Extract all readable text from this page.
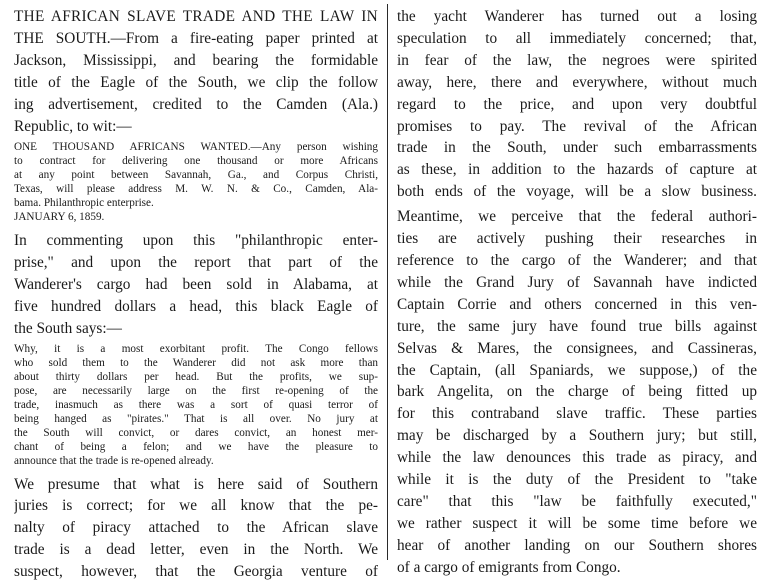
THE AFRICAN SLAVE TRADE AND THE LAW IN
THE SOUTH.—From a fire-eating paper printed at
Jackson, Mississippi, and bearing the formidable
title of the Eagle of the South, we clip the follow
ing advertisement, credited to the Camden (Ala.)
Republic, to wit:—
ONE THOUSAND AFRICANS WANTED.—Any person wishing
to contract for delivering one thousand or more Africans
at any point between Savannah, Ga., and Corpus Christi,
Texas, will please address M. W. N. & Co., Camden, Ala-
bama. Philanthropic enterprise.
JANUARY 6, 1859.
In commenting upon this "philanthropic enter-
prise," and upon the report that part of the
Wanderer's cargo had been sold in Alabama, at
five hundred dollars a head, this black Eagle of
the South says:—
Why, it is a most exorbitant profit. The Congo fellows
who sold them to the Wanderer did not ask more than
about thirty dollars per head. But the profits, we sup-
pose, are necessarily large on the first re-opening of the
trade, inasmuch as there was a sort of quasi terror of
being hanged as "pirates." That is all over. No jury at
the South will convict, or dares convict, an honest mer-
chant of being a felon; and we have the pleasure to
announce that the trade is re-opened already.
We presume that what is here said of Southern
juries is correct; for we all know that the pe-
nalty of piracy attached to the African slave
trade is a dead letter, even in the North. We
suspect, however, that the Georgia venture of
the yacht Wanderer has turned out a losing
speculation to all immediately concerned; that,
in fear of the law, the negroes were spirited
away, here, there and everywhere, without much
regard to the price, and upon very doubtful
promises to pay. The revival of the African
trade in the South, under such embarrassments
as these, in addition to the hazards of capture at
both ends of the voyage, will be a slow business.
Meantime, we perceive that the federal authori-
ties are actively pushing their researches in
reference to the cargo of the Wanderer; and that
while the Grand Jury of Savannah have indicted
Captain Corrie and others concerned in this ven-
ture, the same jury have found true bills against
Selvas & Mares, the consignees, and Cassineras,
the Captain, (all Spaniards, we suppose,) of the
bark Angelita, on the charge of being fitted up
for this contraband slave traffic. These parties
may be discharged by a Southern jury; but still,
while the law denounces this trade as piracy, and
while it is the duty of the President to "take
care" that this "law be faithfully executed,"
we rather suspect it will be some time before we
hear of another landing on our Southern shores
of a cargo of emigrants from Congo.
